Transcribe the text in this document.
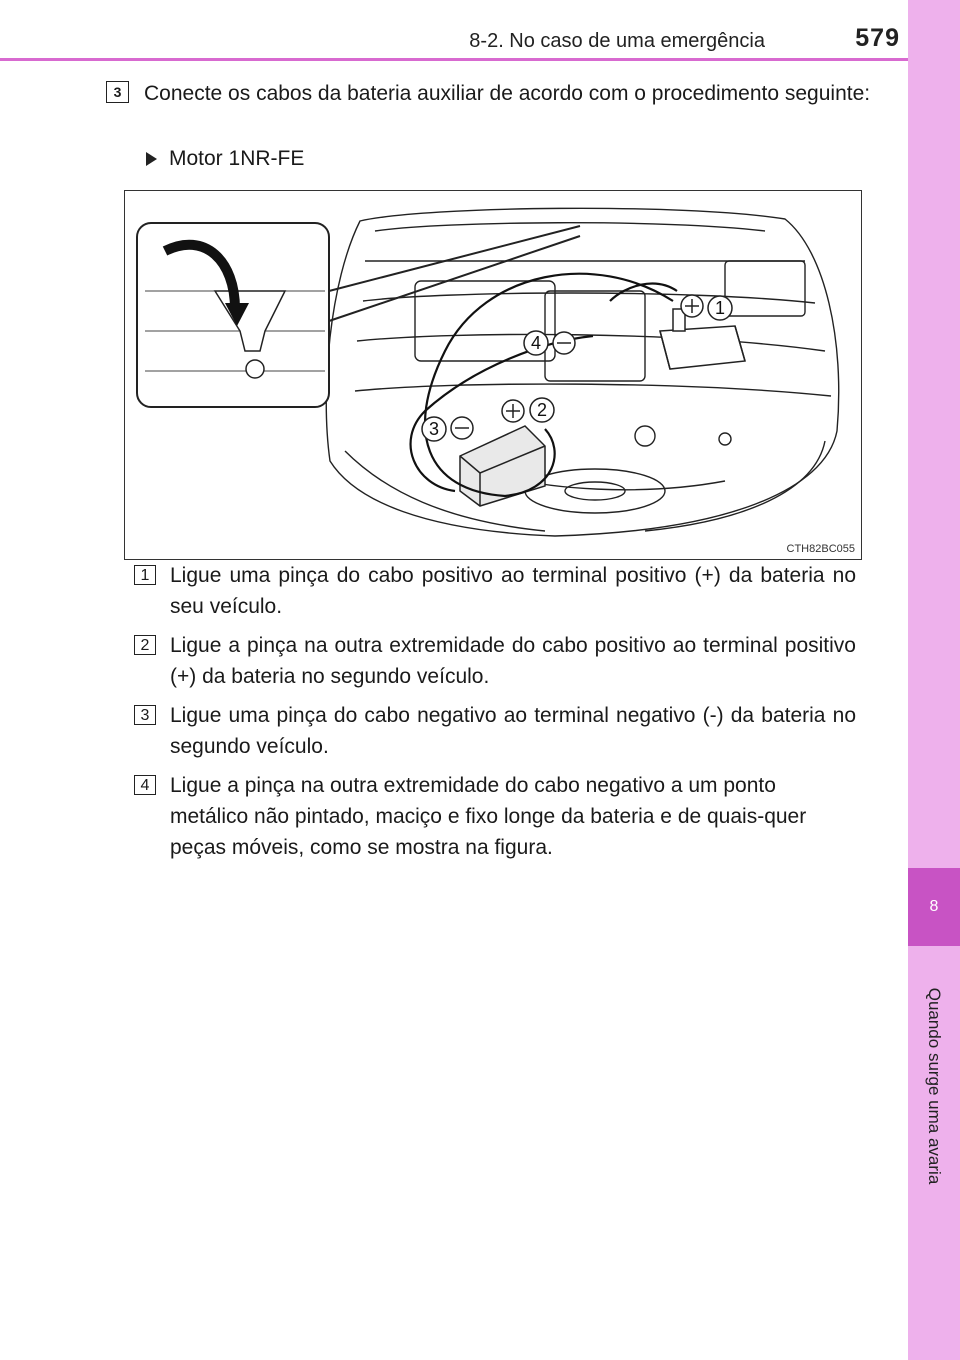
8-2. No caso de uma emergência	579
8
Quando surge uma avaria
3	Conecte os cabos da bateria auxiliar de acordo com o procedimento seguinte:
Motor 1NR-FE
1
2
3
4
CTH82BC055
1 Ligue uma pinça do cabo positivo ao terminal positivo (+) da bateria no seu veículo.
2 Ligue a pinça na outra extremidade do cabo positivo ao terminal positivo (+) da bateria no segundo veículo.
3 Ligue uma pinça do cabo negativo ao terminal negativo (-) da bateria no segundo veículo.
4 Ligue a pinça na outra extremidade do cabo negativo a um ponto metálico não pintado, maciço e fixo longe da bateria e de quais-quer peças móveis, como se mostra na figura.
